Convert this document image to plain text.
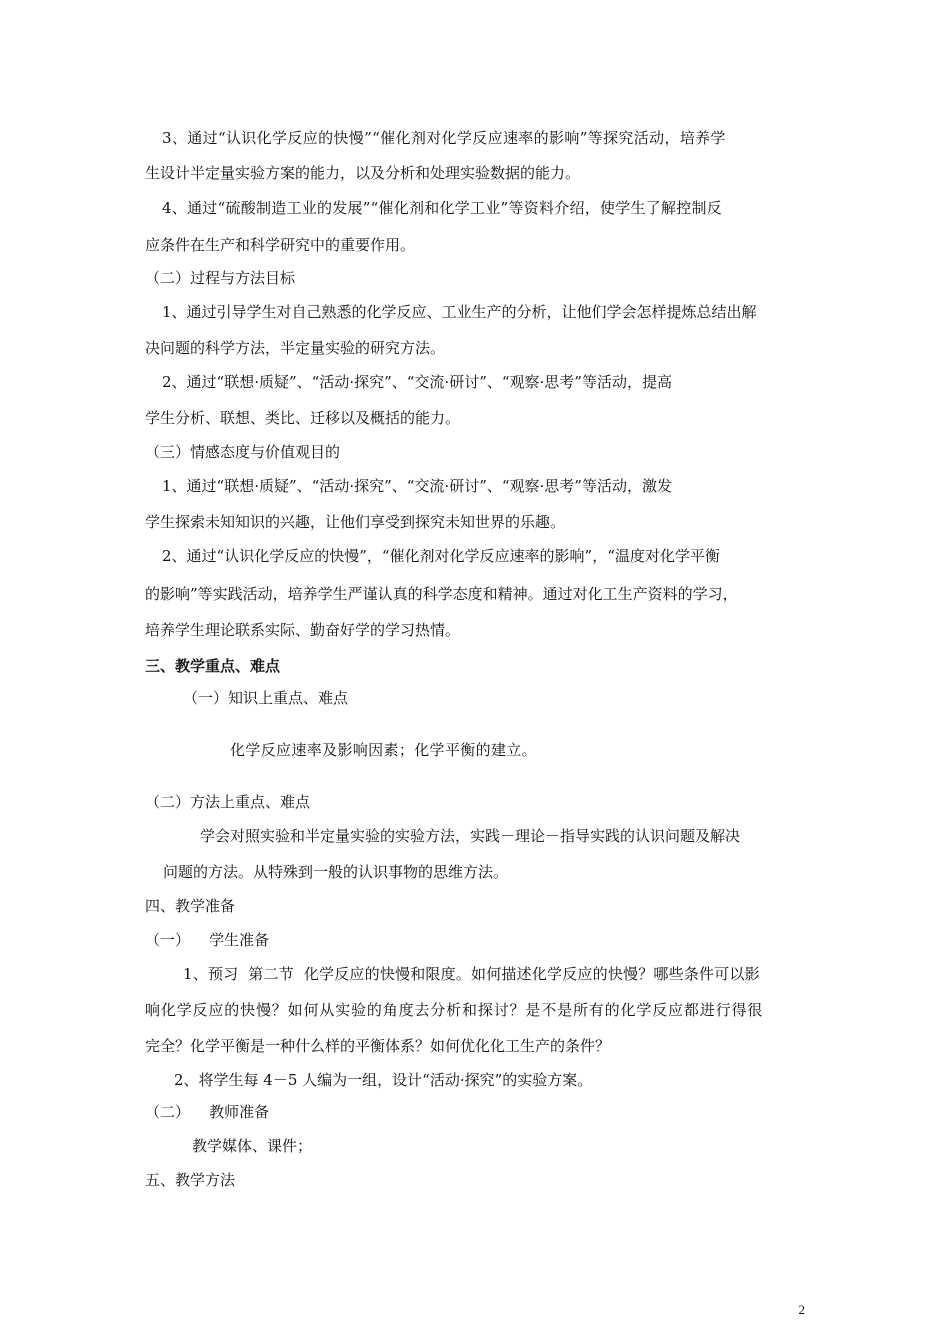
3、通过“认识化学反应的快慢”“催化剂对化学反应速率的影响”等探究活动，培养学
生设计半定量实验方案的能力，以及分析和处理实验数据的能力。
4、通过“硫酸制造工业的发展”“催化剂和化学工业”等资料介绍，使学生了解控制反
应条件在生产和科学研究中的重要作用。
（二）过程与方法目标
1、通过引导学生对自己熟悉的化学反应、工业生产的分析，让他们学会怎样提炼总结出解
决问题的科学方法，半定量实验的研究方法。
2、通过“联想·质疑”、“活动·探究”、“交流·研讨”、“观察·思考”等活动，提高
学生分析、联想、类比、迁移以及概括的能力。
（三）情感态度与价值观目的
1、通过“联想·质疑”、“活动·探究”、“交流·研讨”、“观察·思考”等活动，激发
学生探索未知知识的兴趣，让他们享受到探究未知世界的乐趣。
2、通过“认识化学反应的快慢”，“催化剂对化学反应速率的影响”，“温度对化学平衡
的影响”等实践活动，培养学生严谨认真的科学态度和精神。通过对化工生产资料的学习，
培养学生理论联系实际、勤奋好学的学习热情。
三、教学重点、难点
（一）知识上重点、难点
化学反应速率及影响因素；化学平衡的建立。
（二）方法上重点、难点
学会对照实验和半定量实验的实验方法，实践－理论－指导实践的认识问题及解决
问题的方法。从特殊到一般的认识事物的思维方法。
四、教学准备
（一）    学生准备
1、预习  第二节  化学反应的快慢和限度。如何描述化学反应的快慢？哪些条件可以影
响化学反应的快慢？如何从实验的角度去分析和探讨？是不是所有的化学反应都进行得很
完全？化学平衡是一种什么样的平衡体系？如何优化化工生产的条件？
2、将学生每 4－5 人编为一组，设计“活动·探究”的实验方案。
（二）    教师准备
教学媒体、课件；
五、教学方法
2
